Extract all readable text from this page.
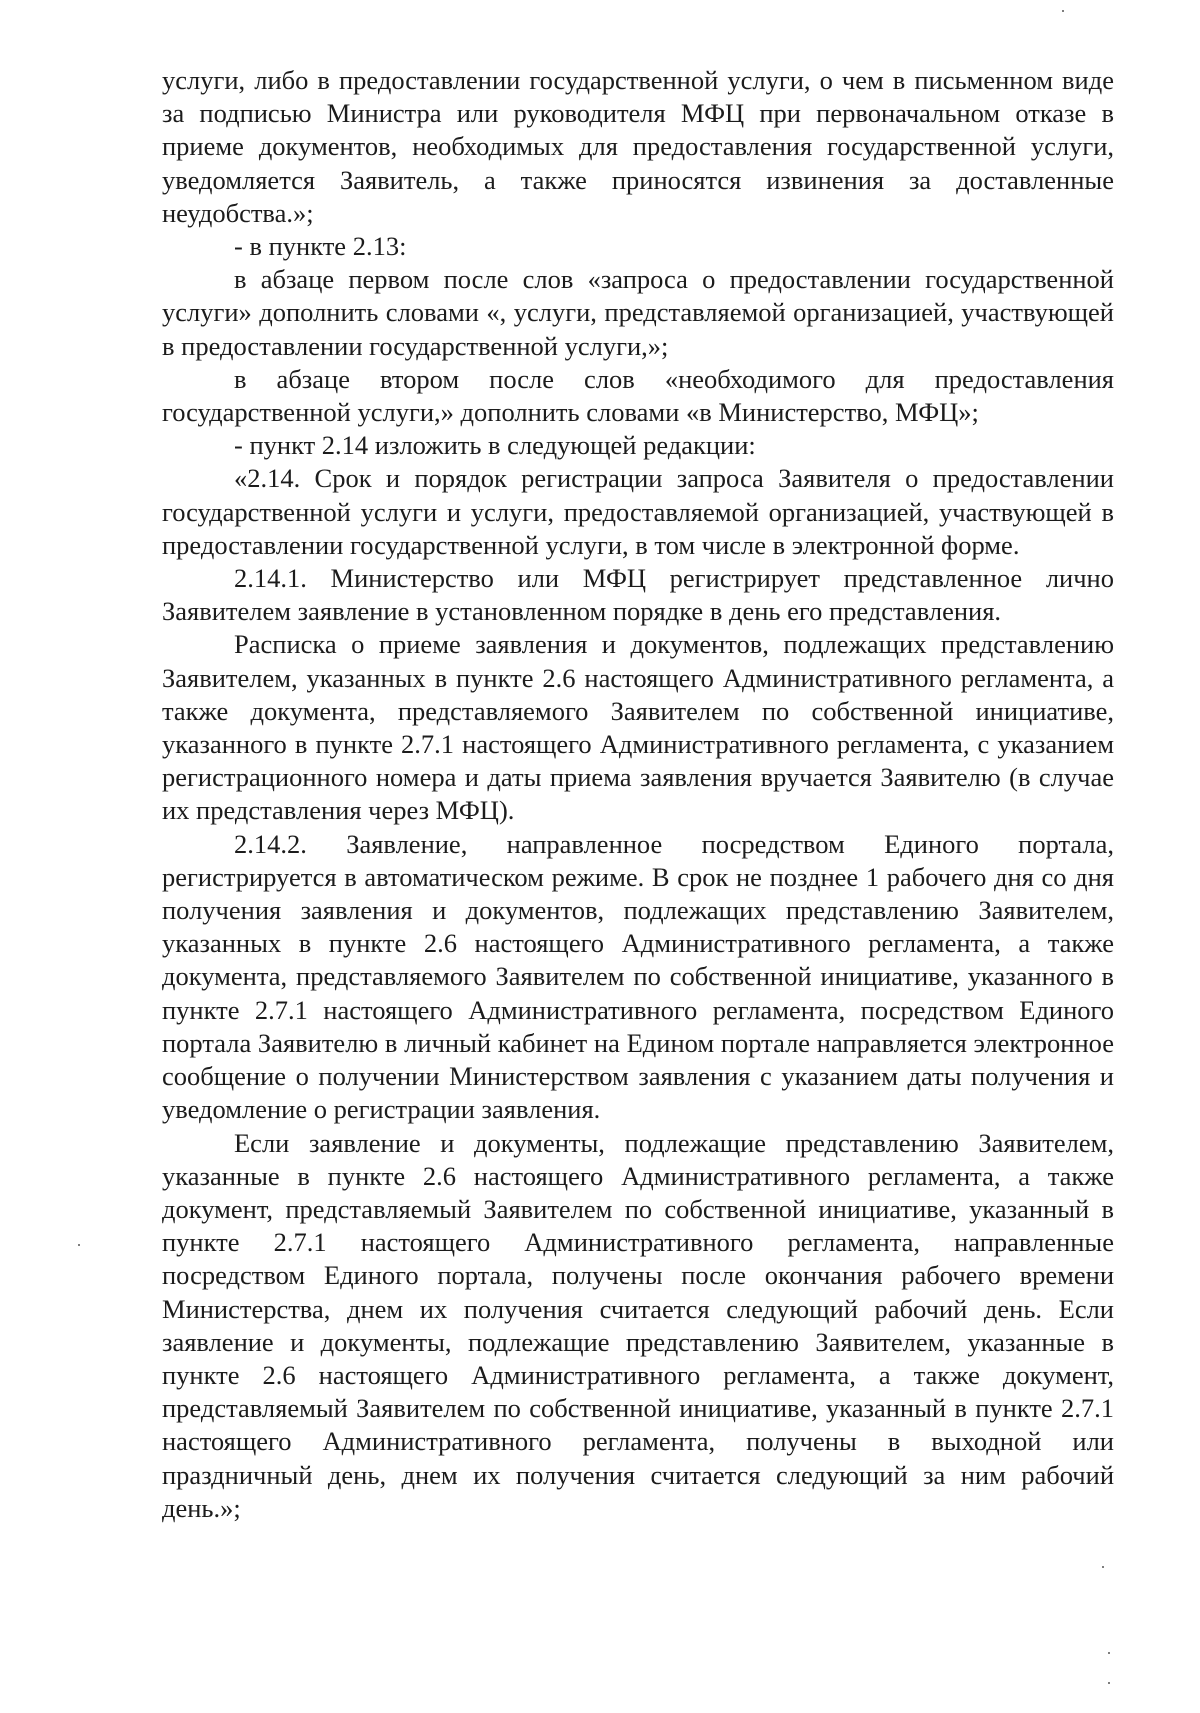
услуги, либо в предоставлении государственной услуги, о чем в письменном виде за подписью Министра или руководителя МФЦ при первоначальном отказе в приеме документов, необходимых для предоставления государственной услуги, уведомляется Заявитель, а также приносятся извинения за доставленные неудобства.»;

- в пункте 2.13:

в абзаце первом после слов «запроса о предоставлении государственной услуги» дополнить словами «, услуги, представляемой организацией, участвующей в предоставлении государственной услуги,»;

в абзаце втором после слов «необходимого для предоставления государственной услуги,» дополнить словами «в Министерство, МФЦ»;

- пункт 2.14 изложить в следующей редакции:

«2.14. Срок и порядок регистрации запроса Заявителя о предоставлении государственной услуги и услуги, предоставляемой организацией, участвующей в предоставлении государственной услуги, в том числе в электронной форме.

2.14.1. Министерство или МФЦ регистрирует представленное лично Заявителем заявление в установленном порядке в день его представления.

Расписка о приеме заявления и документов, подлежащих представлению Заявителем, указанных в пункте 2.6 настоящего Административного регламента, а также документа, представляемого Заявителем по собственной инициативе, указанного в пункте 2.7.1 настоящего Административного регламента, с указанием регистрационного номера и даты приема заявления вручается Заявителю (в случае их представления через МФЦ).

2.14.2. Заявление, направленное посредством Единого портала, регистрируется в автоматическом режиме. В срок не позднее 1 рабочего дня со дня получения заявления и документов, подлежащих представлению Заявителем, указанных в пункте 2.6 настоящего Административного регламента, а также документа, представляемого Заявителем по собственной инициативе, указанного в пункте 2.7.1 настоящего Административного регламента, посредством Единого портала Заявителю в личный кабинет на Едином портале направляется электронное сообщение о получении Министерством заявления с указанием даты получения и уведомление о регистрации заявления.

Если заявление и документы, подлежащие представлению Заявителем, указанные в пункте 2.6 настоящего Административного регламента, а также документ, представляемый Заявителем по собственной инициативе, указанный в пункте 2.7.1 настоящего Административного регламента, направленные посредством Единого портала, получены после окончания рабочего времени Министерства, днем их получения считается следующий рабочий день. Если заявление и документы, подлежащие представлению Заявителем, указанные в пункте 2.6 настоящего Административного регламента, а также документ, представляемый Заявителем по собственной инициативе, указанный в пункте 2.7.1 настоящего Административного регламента, получены в выходной или праздничный день, днем их получения считается следующий за ним рабочий день.»;
